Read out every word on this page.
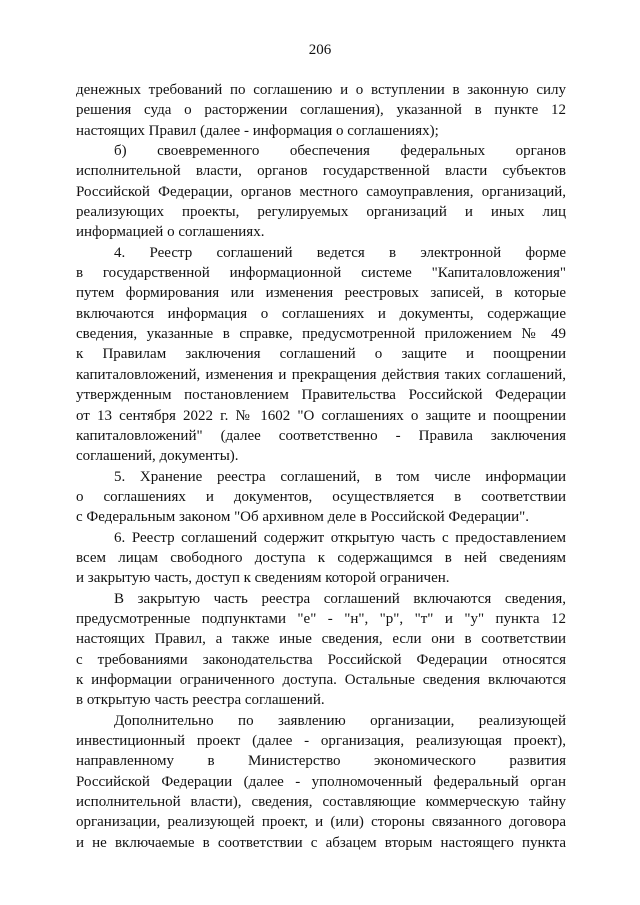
206
денежных требований по соглашению и о вступлении в законную силу
решения суда о расторжении соглашения), указанной в пункте 12
настоящих Правил (далее - информация о соглашениях);
б) своевременного обеспечения федеральных органов
исполнительной власти, органов государственной власти субъектов
Российской Федерации, органов местного самоуправления, организаций,
реализующих проекты, регулируемых организаций и иных лиц
информацией о соглашениях.
4. Реестр соглашений ведется в электронной форме
в государственной информационной системе "Капиталовложения"
путем формирования или изменения реестровых записей, в которые
включаются информация о соглашениях и документы, содержащие
сведения, указанные в справке, предусмотренной приложением № 49
к Правилам заключения соглашений о защите и поощрении
капиталовложений, изменения и прекращения действия таких соглашений,
утвержденным постановлением Правительства Российской Федерации
от 13 сентября 2022 г. № 1602 "О соглашениях о защите и поощрении
капиталовложений" (далее соответственно - Правила заключения
соглашений, документы).
5. Хранение реестра соглашений, в том числе информации
о соглашениях и документов, осуществляется в соответствии
с Федеральным законом "Об архивном деле в Российской Федерации".
6. Реестр соглашений содержит открытую часть с предоставлением
всем лицам свободного доступа к содержащимся в ней сведениям
и закрытую часть, доступ к сведениям которой ограничен.
В закрытую часть реестра соглашений включаются сведения,
предусмотренные подпунктами "е" - "н", "р", "т" и "у" пункта 12
настоящих Правил, а также иные сведения, если они в соответствии
с требованиями законодательства Российской Федерации относятся
к информации ограниченного доступа. Остальные сведения включаются
в открытую часть реестра соглашений.
Дополнительно по заявлению организации, реализующей
инвестиционный проект (далее - организация, реализующая проект),
направленному в Министерство экономического развития
Российской Федерации (далее - уполномоченный федеральный орган
исполнительной власти), сведения, составляющие коммерческую тайну
организации, реализующей проект, и (или) стороны связанного договора
и не включаемые в соответствии с абзацем вторым настоящего пункта
